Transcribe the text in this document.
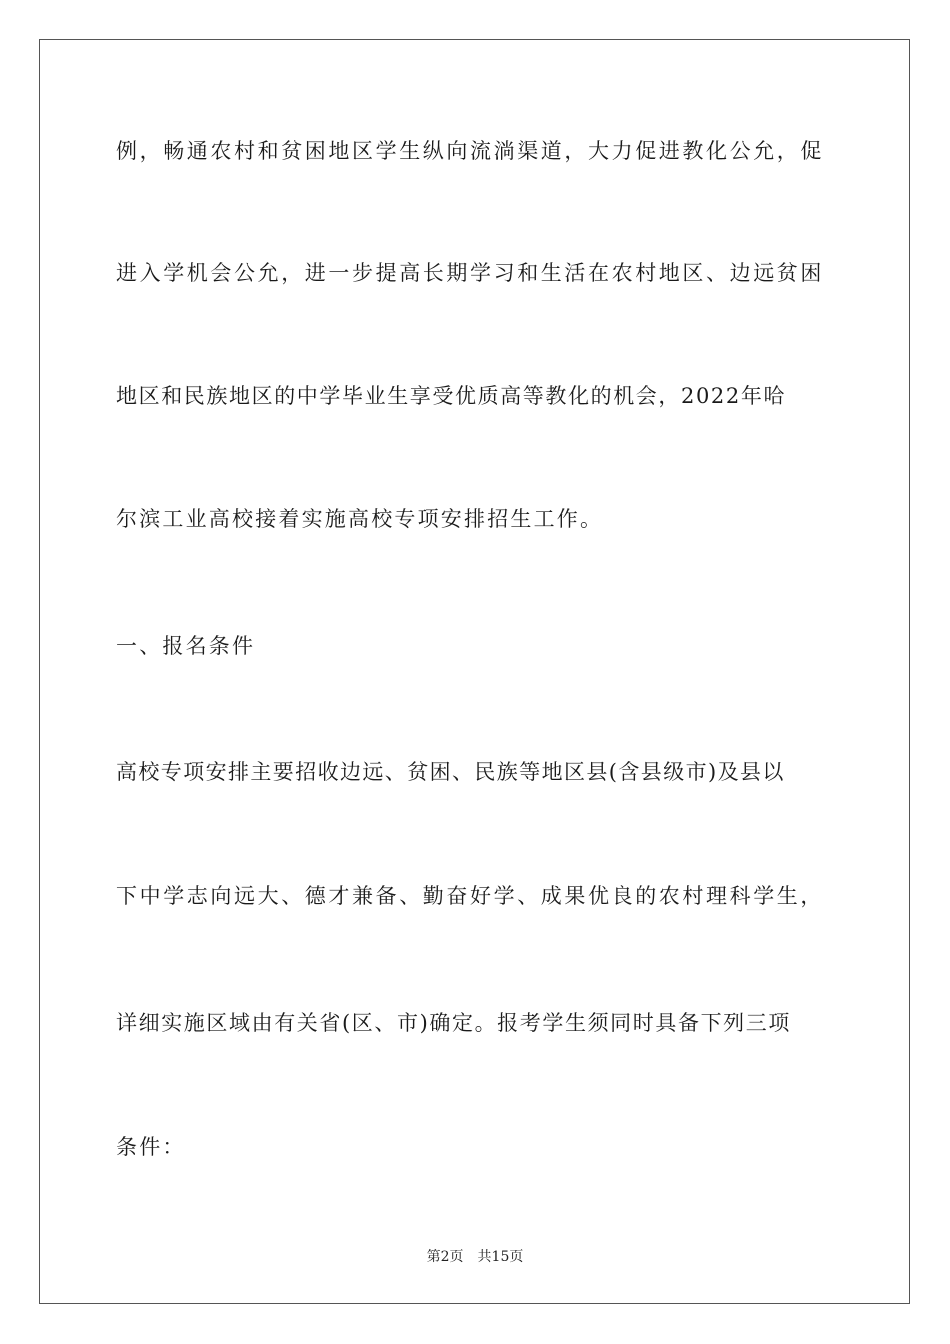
例，畅通农村和贫困地区学生纵向流淌渠道，大力促进教化公允，促
进入学机会公允，进一步提高长期学习和生活在农村地区、边远贫困
地区和民族地区的中学毕业生享受优质高等教化的机会，2022年哈
尔滨工业高校接着实施高校专项安排招生工作。
一、报名条件
高校专项安排主要招收边远、贫困、民族等地区县(含县级市)及县以
下中学志向远大、德才兼备、勤奋好学、成果优良的农村理科学生，
详细实施区域由有关省(区、市)确定。报考学生须同时具备下列三项
条件：
第2页 共15页
